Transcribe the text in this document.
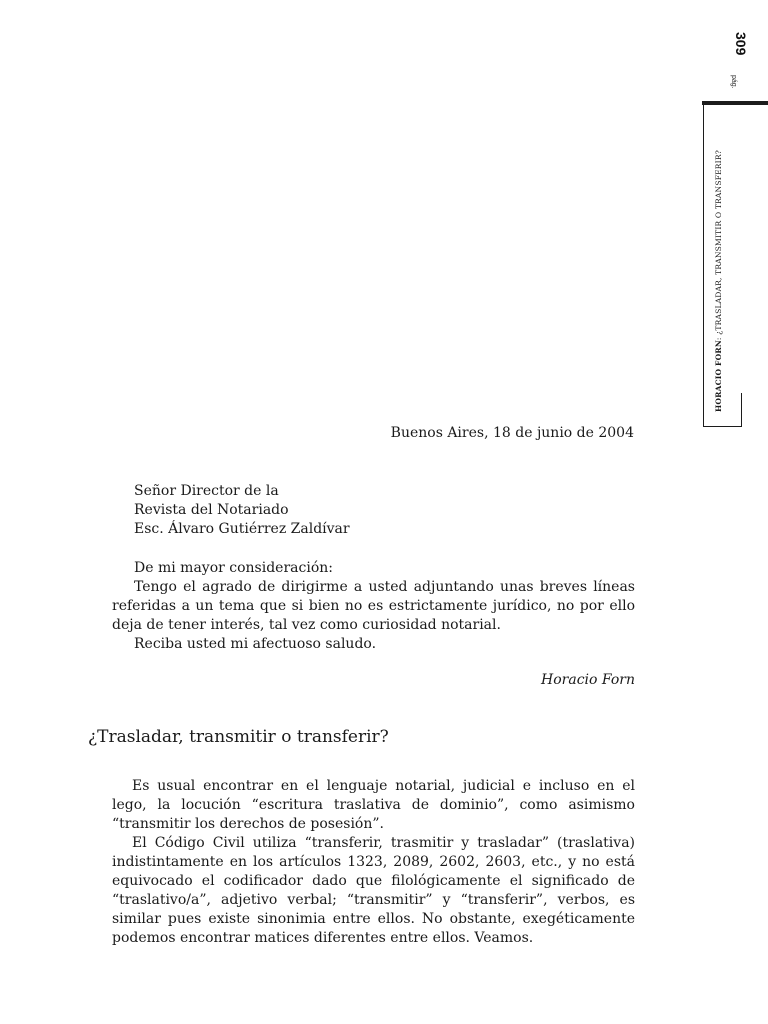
309
pág.
HORACIO FORN: ¿TRASLADAR, TRANSMITIR O TRANSFERIR?
Buenos Aires, 18 de junio de 2004
Señor Director de la
Revista del Notariado
Esc. Álvaro Gutiérrez Zaldívar

De mi mayor consideración:

Tengo el agrado de dirigirme a usted adjuntando unas breves líneas referidas a un tema que si bien no es estrictamente jurídico, no por ello deja de tener interés, tal vez como curiosidad notarial.

Reciba usted mi afectuoso saludo.

Horacio Forn
¿Trasladar, transmitir o transferir?

Es usual encontrar en el lenguaje notarial, judicial e incluso en el lego, la locución “escritura traslativa de dominio”, como asimismo “transmitir los derechos de posesión”.

El Código Civil utiliza “transferir, trasmitir y trasladar” (traslativa) indistintamente en los artículos 1323, 2089, 2602, 2603, etc., y no está equivocado el codificador dado que filológicamente el significado de “traslativo/a”, adjetivo verbal; “transmitir” y “transferir”, verbos, es similar pues existe sinonimia entre ellos. No obstante, exegéticamente podemos encontrar matices diferentes entre ellos. Veamos.
